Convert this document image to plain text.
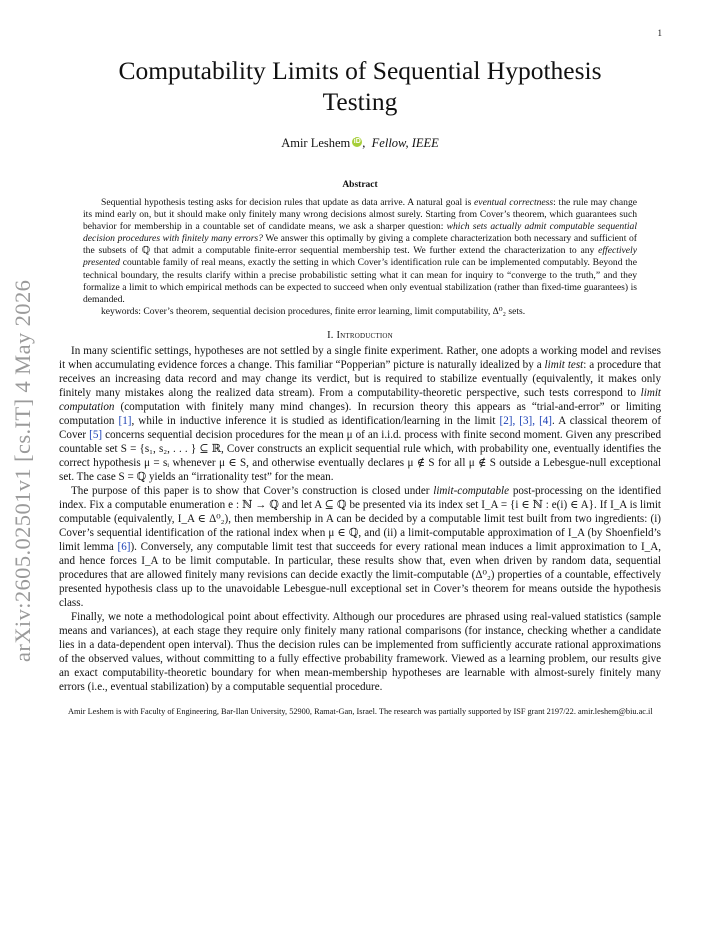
1
arXiv:2605.02501v1 [cs.IT] 4 May 2026
Computability Limits of Sequential Hypothesis Testing
Amir Leshem iD , Fellow, IEEE
Abstract

Sequential hypothesis testing asks for decision rules that update as data arrive. A natural goal is eventual correctness: the rule may change its mind early on, but it should make only finitely many wrong decisions almost surely. Starting from Cover’s theorem, which guarantees such behavior for membership in a countable set of candidate means, we ask a sharper question: which sets actually admit computable sequential decision procedures with finitely many errors? We answer this optimally by giving a complete characterization both necessary and sufficient of the subsets of ℚ that admit a computable finite-error sequential membership test. We further extend the characterization to any effectively presented countable family of real means, exactly the setting in which Cover’s identification rule can be implemented computably. Beyond the technical boundary, the results clarify within a precise probabilistic setting what it can mean for inquiry to “converge to the truth,” and they formalize a limit to which empirical methods can be expected to succeed when only eventual stabilization (rather than fixed-time guarantees) is demanded.

keywords: Cover’s theorem, sequential decision procedures, finite error learning, limit computability, Δ⁰₂ sets.

I. Introduction

In many scientific settings, hypotheses are not settled by a single finite experiment. Rather, one adopts a working model and revises it when accumulating evidence forces a change. This familiar “Popperian” picture is naturally idealized by a limit test: a procedure that receives an increasing data record and may change its verdict, but is required to stabilize eventually (equivalently, it makes only finitely many mistakes along the realized data stream). From a computability-theoretic perspective, such tests correspond to limit computation (computation with finitely many mind changes). In recursion theory this appears as “trial-and-error” or limiting computation [1], while in inductive inference it is studied as identification/learning in the limit [2], [3], [4]. A classical theorem of Cover [5] concerns sequential decision procedures for the mean μ of an i.i.d. process with finite second moment. Given any prescribed countable set S = {s₁, s₂, . . . } ⊆ ℝ, Cover constructs an explicit sequential rule which, with probability one, eventually identifies the correct hypothesis μ = sᵢ whenever μ ∈ S, and otherwise eventually declares μ ∉ S for all μ ∉ S outside a Lebesgue-null exceptional set. The case S = ℚ yields an “irrationality test” for the mean.

The purpose of this paper is to show that Cover’s construction is closed under limit-computable post-processing on the identified index. Fix a computable enumeration e : ℕ → ℚ and let A ⊆ ℚ be presented via its index set I_A = {i ∈ ℕ : e(i) ∈ A}. If I_A is limit computable (equivalently, I_A ∈ Δ⁰₂), then membership in A can be decided by a computable limit test built from two ingredients: (i) Cover’s sequential identification of the rational index when μ ∈ ℚ, and (ii) a limit-computable approximation of I_A (by Shoenfield’s limit lemma [6]). Conversely, any computable limit test that succeeds for every rational mean induces a limit approximation to I_A, and hence forces I_A to be limit computable. In particular, these results show that, even when driven by random data, sequential procedures that are allowed finitely many revisions can decide exactly the limit-computable (Δ⁰₂) properties of a countable, effectively presented hypothesis class up to the unavoidable Lebesgue-null exceptional set in Cover’s theorem for means outside the hypothesis class.

Finally, we note a methodological point about effectivity. Although our procedures are phrased using real-valued statistics (sample means and variances), at each stage they require only finitely many rational comparisons (for instance, checking whether a candidate lies in a data-dependent open interval). Thus the decision rules can be implemented from sufficiently accurate rational approximations of the observed values, without committing to a fully effective probability framework. Viewed as a learning problem, our results give an exact computability-theoretic boundary for when mean-membership hypotheses are learnable with almost-surely finitely many errors (i.e., eventual stabilization) by a computable sequential procedure.

Amir Leshem is with Faculty of Engineering, Bar-Ilan University, 52900, Ramat-Gan, Israel. The research was partially supported by ISF grant 2197/22. amir.leshem@biu.ac.il
